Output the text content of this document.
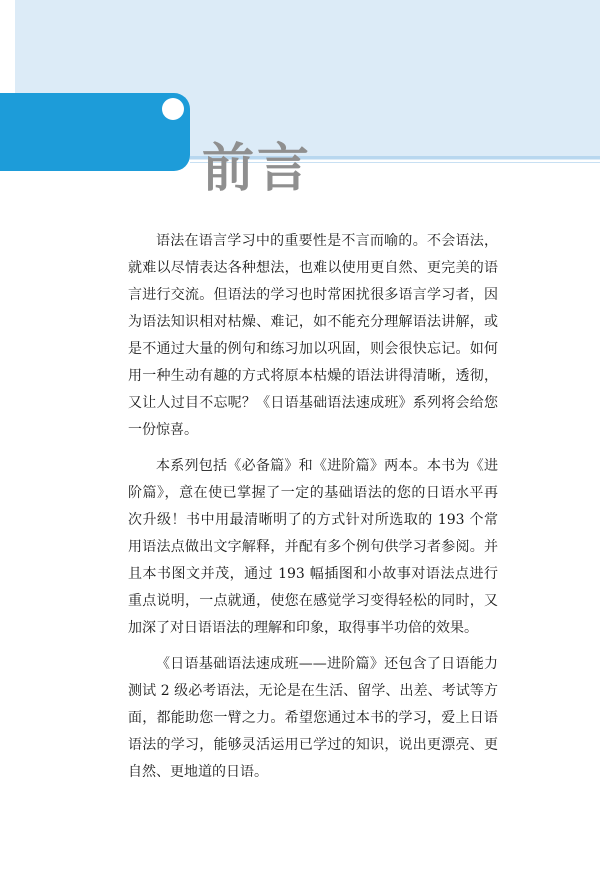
前言

语法在语言学习中的重要性是不言而喻的。不会语法，就难以尽情表达各种想法，也难以使用更自然、更完美的语言进行交流。但语法的学习也时常困扰很多语言学习者，因为语法知识相对枯燥、难记，如不能充分理解语法讲解，或是不通过大量的例句和练习加以巩固，则会很快忘记。如何用一种生动有趣的方式将原本枯燥的语法讲得清晰，透彻，又让人过目不忘呢？《日语基础语法速成班》系列将会给您一份惊喜。

本系列包括《必备篇》和《进阶篇》两本。本书为《进阶篇》，意在使已掌握了一定的基础语法的您的日语水平再次升级！书中用最清晰明了的方式针对所选取的 193 个常用语法点做出文字解释，并配有多个例句供学习者参阅。并且本书图文并茂，通过 193 幅插图和小故事对语法点进行重点说明，一点就通，使您在感觉学习变得轻松的同时，又加深了对日语语法的理解和印象，取得事半功倍的效果。

《日语基础语法速成班——进阶篇》还包含了日语能力测试 2 级必考语法，无论是在生活、留学、出差、考试等方面，都能助您一臂之力。希望您通过本书的学习，爱上日语语法的学习，能够灵活运用已学过的知识，说出更漂亮、更自然、更地道的日语。
